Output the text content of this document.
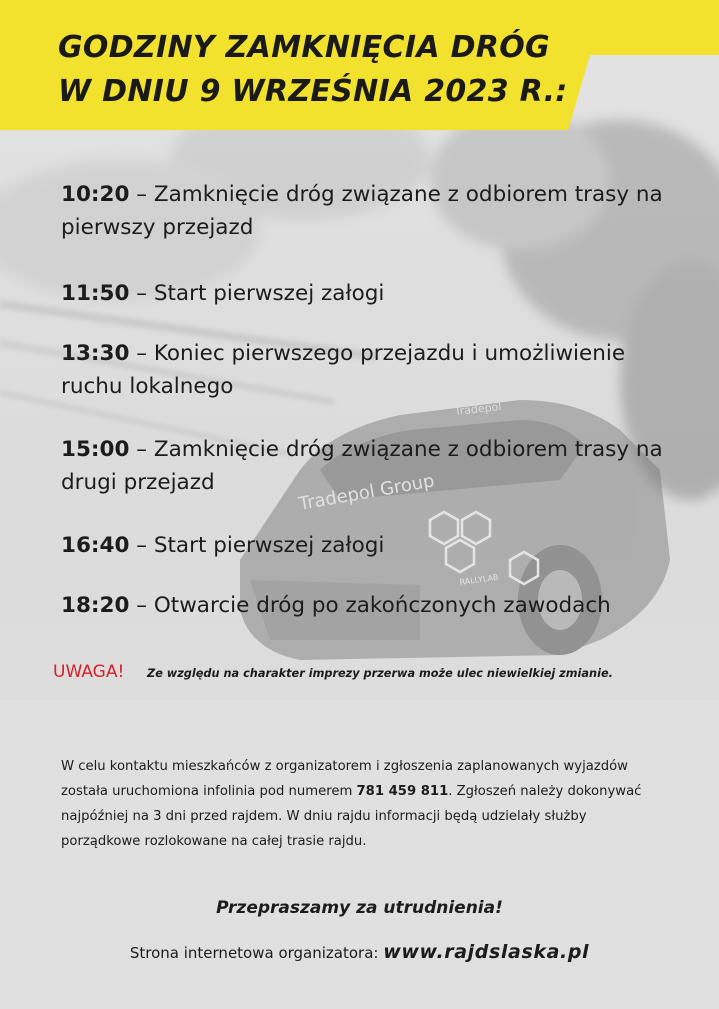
Tradepol Group
Tradepol
RALLYLAB
GODZINY ZAMKNIĘCIA DRÓG
W DNIU 9 WRZEŚNIA 2023 R.:
10:20 – Zamknięcie dróg związane z odbiorem trasy na pierwszy przejazd
11:50 – Start pierwszej załogi
13:30 – Koniec pierwszego przejazdu i umożliwienie ruchu lokalnego
15:00 – Zamknięcie dróg związane z odbiorem trasy na drugi przejazd
16:40 – Start pierwszej załogi
18:20 – Otwarcie dróg po zakończonych zawodach
UWAGA! Ze względu na charakter imprezy przerwa może ulec niewielkiej zmianie.
W celu kontaktu mieszkańców z organizatorem i zgłoszenia zaplanowanych wyjazdów została uruchomiona infolinia pod numerem 781 459 811. Zgłoszeń należy dokonywać najpóźniej na 3 dni przed rajdem. W dniu rajdu informacji będą udzielały służby porządkowe rozlokowane na całej trasie rajdu.
Przepraszamy za utrudnienia!
Strona internetowa organizatora: www.rajdslaska.pl
